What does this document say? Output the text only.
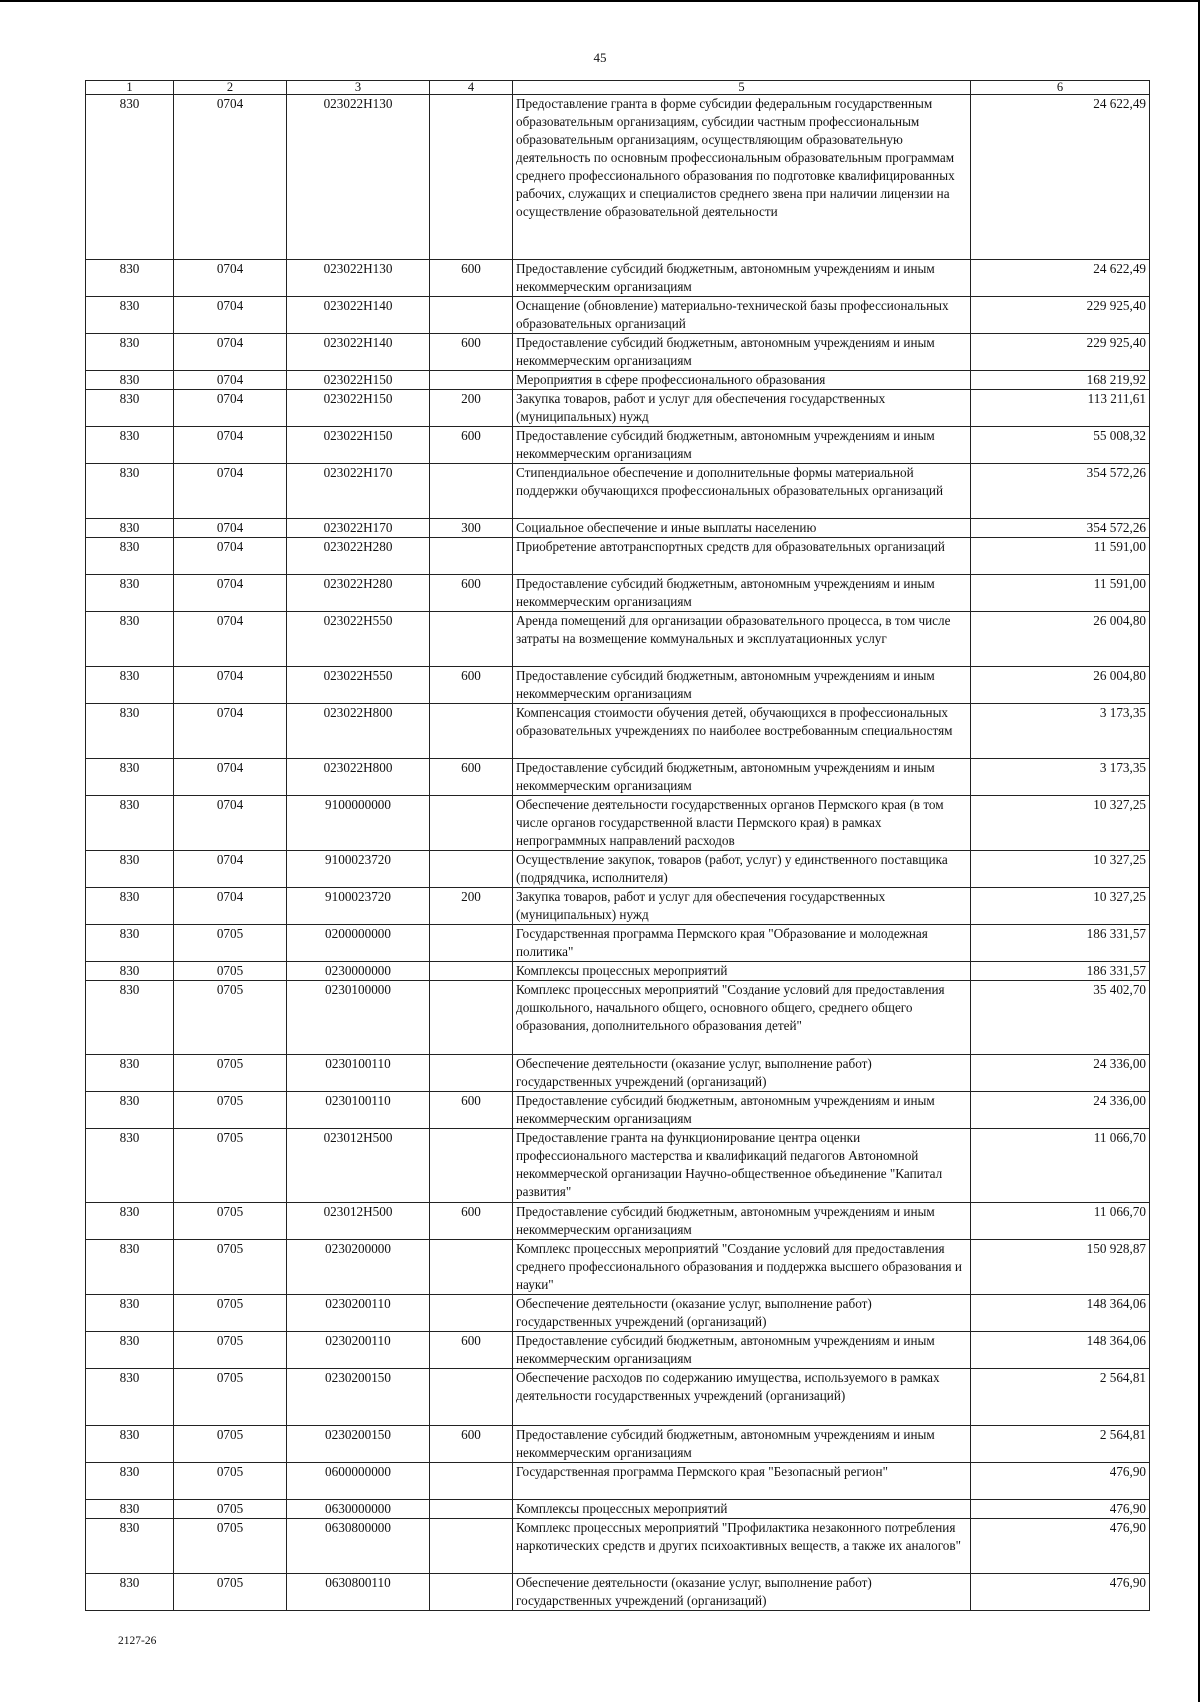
45
1	2	3	4	5	6
830	0704	023022Н130		Предоставление гранта в форме субсидии федеральным государственным образовательным организациям, субсидии частным профессиональным образовательным организациям, осуществляющим образовательную деятельность по основным профессиональным образовательным программам среднего профессионального образования по подготовке квалифицированных рабочих, служащих и специалистов среднего звена при наличии лицензии на осуществление образовательной деятельности	24 622,49
830	0704	023022Н130	600	Предоставление субсидий бюджетным, автономным учреждениям и иным некоммерческим организациям	24 622,49
830	0704	023022Н140		Оснащение (обновление) материально-технической базы профессиональных образовательных организаций	229 925,40
830	0704	023022Н140	600	Предоставление субсидий бюджетным, автономным учреждениям и иным некоммерческим организациям	229 925,40
830	0704	023022Н150		Мероприятия в сфере профессионального образования	168 219,92
830	0704	023022Н150	200	Закупка товаров, работ и услуг для обеспечения государственных (муниципальных) нужд	113 211,61
830	0704	023022Н150	600	Предоставление субсидий бюджетным, автономным учреждениям и иным некоммерческим организациям	55 008,32
830	0704	023022Н170		Стипендиальное обеспечение и дополнительные формы материальной поддержки обучающихся профессиональных образовательных организаций	354 572,26
830	0704	023022Н170	300	Социальное обеспечение и иные выплаты населению	354 572,26
830	0704	023022Н280		Приобретение автотранспортных средств для образовательных организаций	11 591,00
830	0704	023022Н280	600	Предоставление субсидий бюджетным, автономным учреждениям и иным некоммерческим организациям	11 591,00
830	0704	023022Н550		Аренда помещений для организации образовательного процесса, в том числе затраты на возмещение коммунальных и эксплуатационных услуг	26 004,80
830	0704	023022Н550	600	Предоставление субсидий бюджетным, автономным учреждениям и иным некоммерческим организациям	26 004,80
830	0704	023022Н800		Компенсация стоимости обучения детей, обучающихся в профессиональных образовательных учреждениях по наиболее востребованным специальностям	3 173,35
830	0704	023022Н800	600	Предоставление субсидий бюджетным, автономным учреждениям и иным некоммерческим организациям	3 173,35
830	0704	9100000000		Обеспечение деятельности государственных органов Пермского края (в том числе органов государственной власти Пермского края) в рамках непрограммных направлений расходов	10 327,25
830	0704	9100023720		Осуществление закупок, товаров (работ, услуг) у единственного поставщика (подрядчика, исполнителя)	10 327,25
830	0704	9100023720	200	Закупка товаров, работ и услуг для обеспечения государственных (муниципальных) нужд	10 327,25
830	0705	0200000000		Государственная программа Пермского края "Образование и молодежная политика"	186 331,57
830	0705	0230000000		Комплексы процессных мероприятий	186 331,57
830	0705	0230100000		Комплекс процессных мероприятий "Создание условий для предоставления дошкольного, начального общего, основного общего, среднего общего образования, дополнительного образования детей"	35 402,70
830	0705	0230100110		Обеспечение деятельности (оказание услуг, выполнение работ) государственных учреждений (организаций)	24 336,00
830	0705	0230100110	600	Предоставление субсидий бюджетным, автономным учреждениям и иным некоммерческим организациям	24 336,00
830	0705	023012Н500		Предоставление гранта на функционирование центра оценки профессионального мастерства и квалификаций педагогов Автономной некоммерческой организации Научно-общественное объединение "Капитал развития"	11 066,70
830	0705	023012Н500	600	Предоставление субсидий бюджетным, автономным учреждениям и иным некоммерческим организациям	11 066,70
830	0705	0230200000		Комплекс процессных мероприятий "Создание условий для предоставления среднего профессионального образования и поддержка высшего образования и науки"	150 928,87
830	0705	0230200110		Обеспечение деятельности (оказание услуг, выполнение работ) государственных учреждений (организаций)	148 364,06
830	0705	0230200110	600	Предоставление субсидий бюджетным, автономным учреждениям и иным некоммерческим организациям	148 364,06
830	0705	0230200150		Обеспечение расходов по содержанию имущества, используемого в рамках деятельности государственных учреждений (организаций)	2 564,81
830	0705	0230200150	600	Предоставление субсидий бюджетным, автономным учреждениям и иным некоммерческим организациям	2 564,81
830	0705	0600000000		Государственная программа Пермского края "Безопасный регион"	476,90
830	0705	0630000000		Комплексы процессных мероприятий	476,90
830	0705	0630800000		Комплекс процессных мероприятий "Профилактика незаконного потребления наркотических средств и других психоактивных веществ, а также их аналогов"	476,90
830	0705	0630800110		Обеспечение деятельности (оказание услуг, выполнение работ) государственных учреждений (организаций)	476,90
2127-26
